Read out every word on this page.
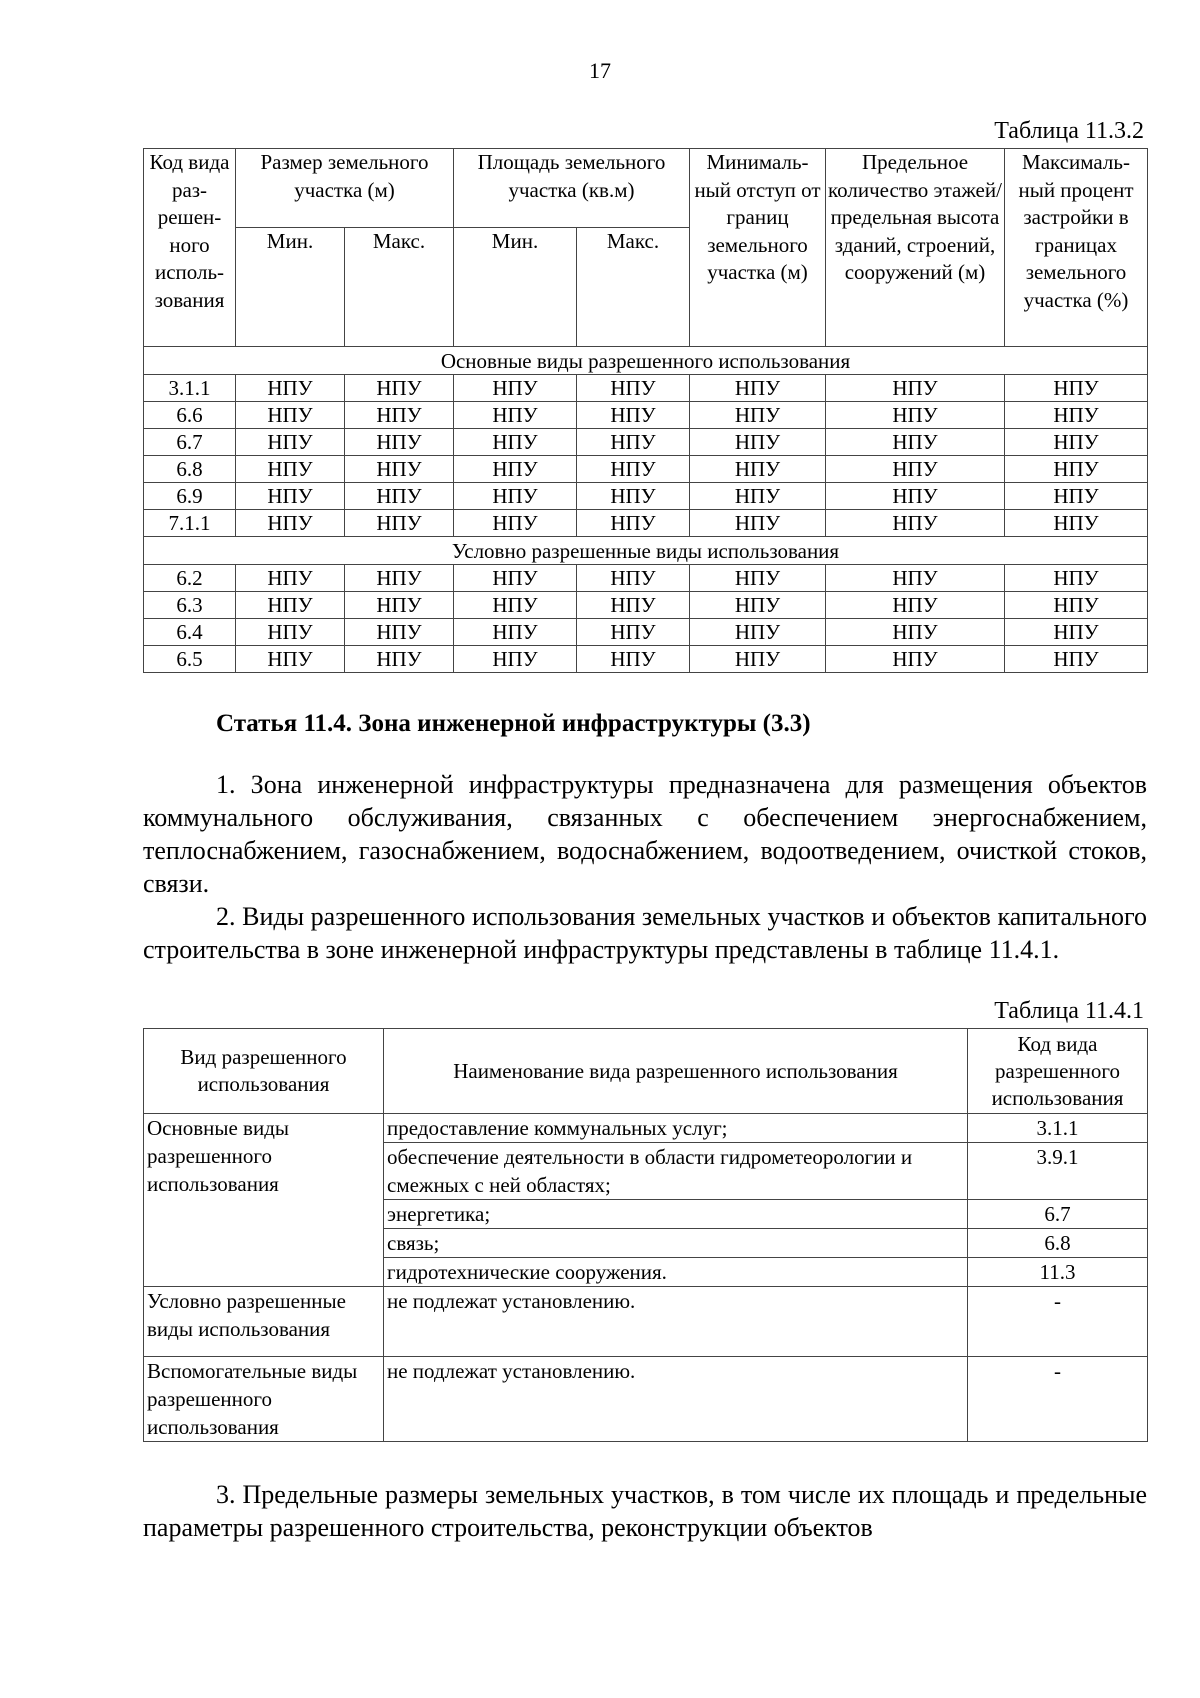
17
Таблица 11.3.2
Код вида раз-решен-ного исполь-зования	Размер земельного участка (м)		Площадь земельного участка (кв.м)		Минималь-ный отступ от границ земельного участка (м)	Предельное количество этажей/ предельная высота зданий, строений, сооружений (м)	Максималь-ный процент застройки в границах земельного участка (%)
	Мин.	Макс.	Мин.	Макс.			
Основные виды разрешенного использования							
3.1.1	НПУ	НПУ	НПУ	НПУ	НПУ	НПУ	НПУ
6.6	НПУ	НПУ	НПУ	НПУ	НПУ	НПУ	НПУ
6.7	НПУ	НПУ	НПУ	НПУ	НПУ	НПУ	НПУ
6.8	НПУ	НПУ	НПУ	НПУ	НПУ	НПУ	НПУ
6.9	НПУ	НПУ	НПУ	НПУ	НПУ	НПУ	НПУ
7.1.1	НПУ	НПУ	НПУ	НПУ	НПУ	НПУ	НПУ
Условно разрешенные виды использования							
6.2	НПУ	НПУ	НПУ	НПУ	НПУ	НПУ	НПУ
6.3	НПУ	НПУ	НПУ	НПУ	НПУ	НПУ	НПУ
6.4	НПУ	НПУ	НПУ	НПУ	НПУ	НПУ	НПУ
6.5	НПУ	НПУ	НПУ	НПУ	НПУ	НПУ	НПУ
Статья 11.4. Зона инженерной инфраструктуры (3.3)

1. Зона инженерной инфраструктуры предназначена для размещения объектов коммунального обслуживания, связанных с обеспечением энергоснабжением, теплоснабжением, газоснабжением, водоснабжением, водоотведением, очисткой стоков, связи.

2. Виды разрешенного использования земельных участков и объектов капитального строительства в зоне инженерной инфраструктуры представлены в таблице 11.4.1.

Таблица 11.4.1
Вид разрешенного использования	Наименование вида разрешенного использования	Код вида разрешенного использования
Основные виды разрешенного использования	предоставление коммунальных услуг;	3.1.1
	обеспечение деятельности в области гидрометеорологии и смежных с ней областях;	3.9.1
	энергетика;	6.7
	связь;	6.8
	гидротехнические сооружения.	11.3
Условно разрешенные виды использования	не подлежат установлению.	-
Вспомогательные виды разрешенного использования	не подлежат установлению.	-

3. Предельные размеры земельных участков, в том числе их площадь и предельные параметры разрешенного строительства, реконструкции объектов
